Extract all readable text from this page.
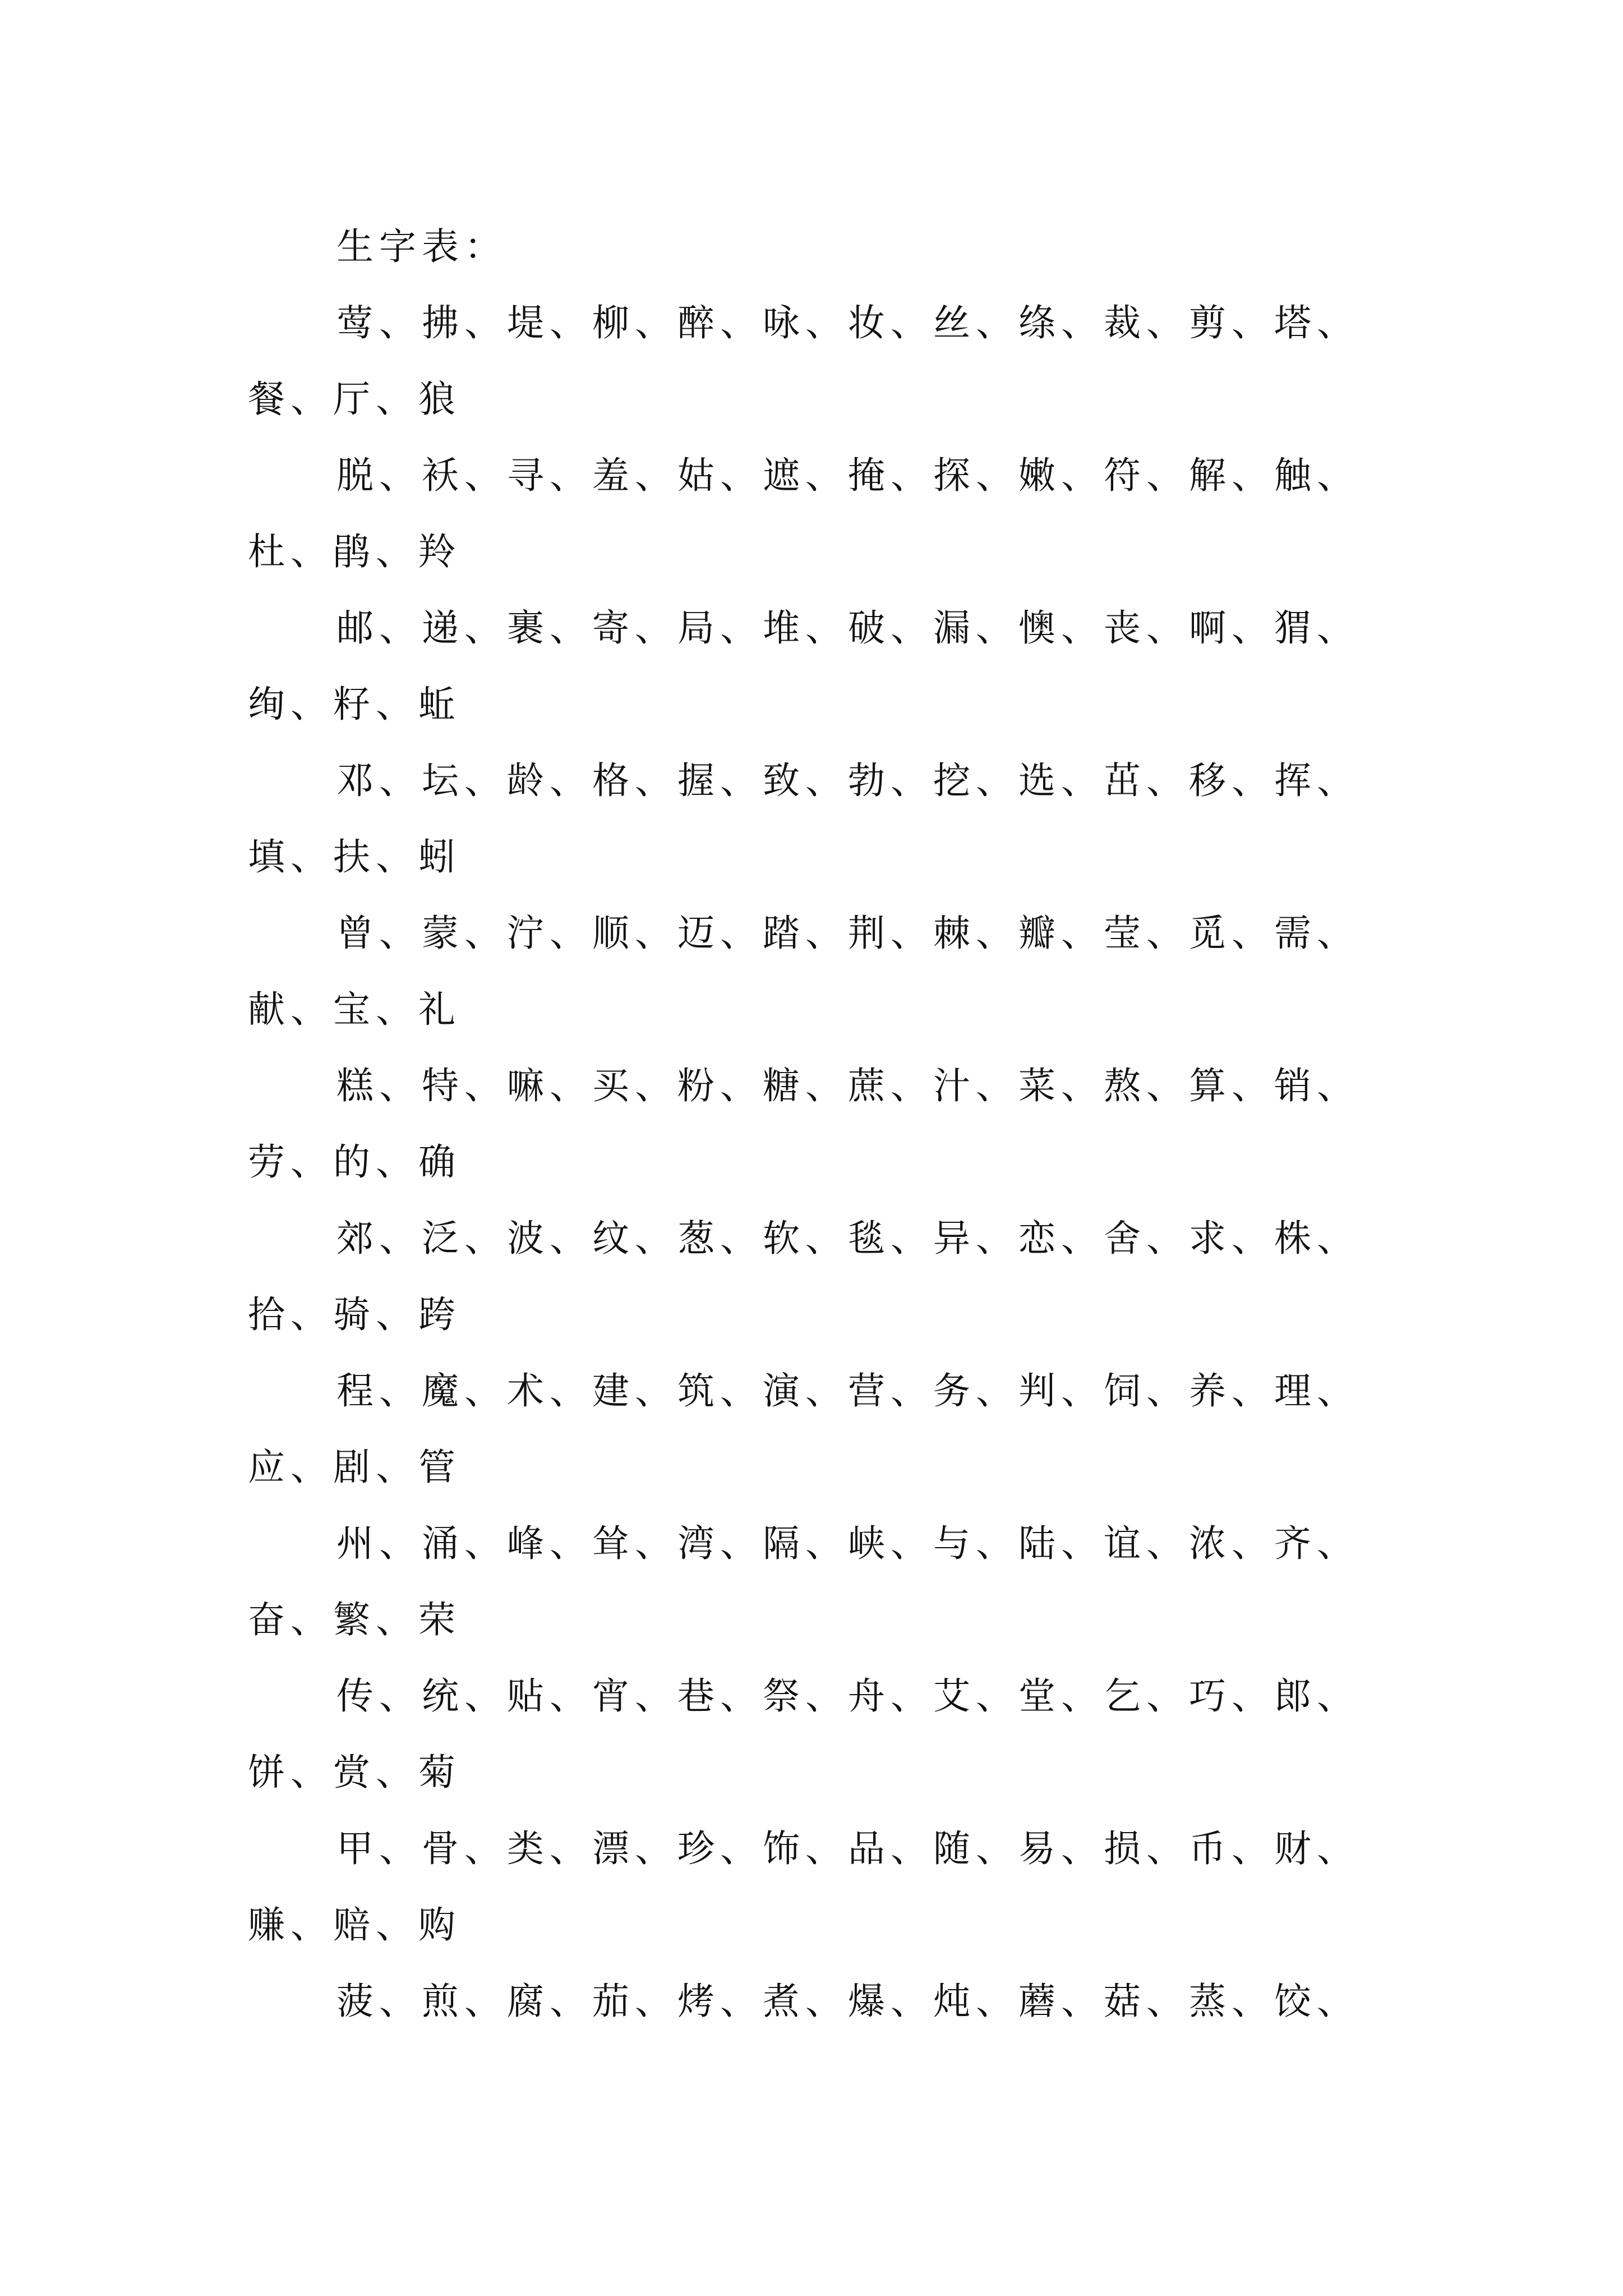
生字表：
莺、拂、堤、柳、醉、咏、妆、丝、绦、裁、剪、塔、
餐、厅、狼
脱、袄、寻、羞、姑、遮、掩、探、嫩、符、解、触、
杜、鹃、羚
邮、递、裹、寄、局、堆、破、漏、懊、丧、啊、猬、
绚、籽、蚯
邓、坛、龄、格、握、致、勃、挖、选、茁、移、挥、
填、扶、蚓
曾、蒙、泞、顺、迈、踏、荆、棘、瓣、莹、觅、需、
献、宝、礼
糕、特、嘛、买、粉、糖、蔗、汁、菜、熬、算、销、
劳、的、确
郊、泛、波、纹、葱、软、毯、异、恋、舍、求、株、
拾、骑、跨
程、魔、术、建、筑、演、营、务、判、饲、养、理、
应、剧、管
州、涌、峰、耸、湾、隔、峡、与、陆、谊、浓、齐、
奋、繁、荣
传、统、贴、宵、巷、祭、舟、艾、堂、乞、巧、郎、
饼、赏、菊
甲、骨、类、漂、珍、饰、品、随、易、损、币、财、
赚、赔、购
菠、煎、腐、茄、烤、煮、爆、炖、蘑、菇、蒸、饺、
